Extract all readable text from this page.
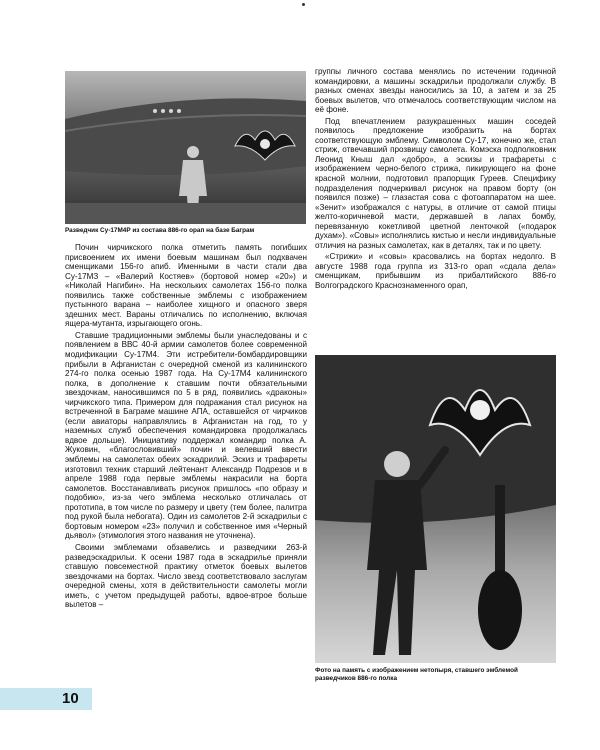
Разведчик Су-17М4Р из состава 886-го орап на базе Баграм

Почин чирчикского полка отметить память погибших присвоением их имени боевым машинам был подхвачен сменщиками 156-го апиб. Именными в части стали два Су-17МЗ – «Валерий Костяев» (бортовой номер «20») и «Николай Нагибин». На нескольких самолетах 156-го полка появились также собственные эмблемы с изображением пустынного варана – наиболее хищного и опасного зверя здешних мест. Вараны отличались по исполнению, включая ящера-мутанта, изрыгающего огонь.

Ставшие традиционными эмблемы были унаследованы и с появлением в ВВС 40-й армии самолетов более современной модификации Су-17М4. Эти истребители-бомбардировщики прибыли в Афганистан с очередной сменой из калининского 274-го полка осенью 1987 года. На Су-17М4 калининского полка, в дополнение к ставшим почти обязательными звездочкам, наносившимся по 5 в ряд, появились «драконы» чирчикского типа. Примером для подражания стал рисунок на встреченной в Баграме машине АПА, оставшейся от чирчиков (если авиаторы направлялись в Афганистан на год, то у наземных служб обеспечения командировка продолжалась вдвое дольше). Инициативу поддержал командир полка А. Жуковин, «благословивший» почин и велевший ввести эмблемы на самолетах обеих эскадрилий. Эскиз и трафареты изготовил техник старший лейтенант Александр Подрезов и в апреле 1988 года первые эмблемы накрасили на борта самолетов. Восстанавливать рисунок пришлось «по образу и подобию», из-за чего эмблема несколько отличалась от прототипа, в том числе по размеру и цвету (тем более, палитра под рукой была небогата). Один из самолетов 2-й эскадрильи с бортовым номером «23» получил и собственное имя «Черный дьявол» (этимология этого названия не уточнена).

Своими эмблемами обзавелись и разведчики 263-й разведэскадрильи. К осени 1987 года в эскадрилье приняли ставшую повсеместной практику отметок боевых вылетов звездочками на бортах. Число звезд соответствовало заслугам очередной смены, хотя в действительности самолеты могли иметь, с учетом предыдущей работы, вдвое-втрое больше вылетов –

группы личного состава менялись по истечении годичной командировки, а машины эскадрильи продолжали службу. В разных сменах звезды наносились за 10, а затем и за 25 боевых вылетов, что отмечалось соответствующим числом на её фоне.

Под впечатлением разукрашенных машин соседей появилось предложение изобразить на бортах соответствующую эмблему. Символом Су-17, конечно же, стал стриж, отвечавший прозвищу самолета. Комэска подполковник Леонид Кныш дал «добро», а эскизы и трафареты с изображением черно-белого стрижа, пикирующего на фоне красной молнии, подготовил прапорщик Гуреев. Специфику подразделения подчеркивал рисунок на правом борту (он появился позже) – глазастая сова с фотоаппаратом на шее. «Зенит» изображался с натуры, в отличие от самой птицы желто-коричневой масти, державшей в лапах бомбу, перевязанную кокетливой цветной ленточкой («подарок духам»). «Совы» исполнялись кистью и несли индивидуальные отличия на разных самолетах, как в деталях, так и по цвету.

«Стрижи» и «совы» красовались на бортах недолго. В августе 1988 года группа из 313-го орап «сдала дела» сменщикам, прибывшим из прибалтийского 886-го Волгоградского Краснознаменного орап,

Фото на память с изображением нетопыря, ставшего эмблемой разведчиков 886-го полка
10
